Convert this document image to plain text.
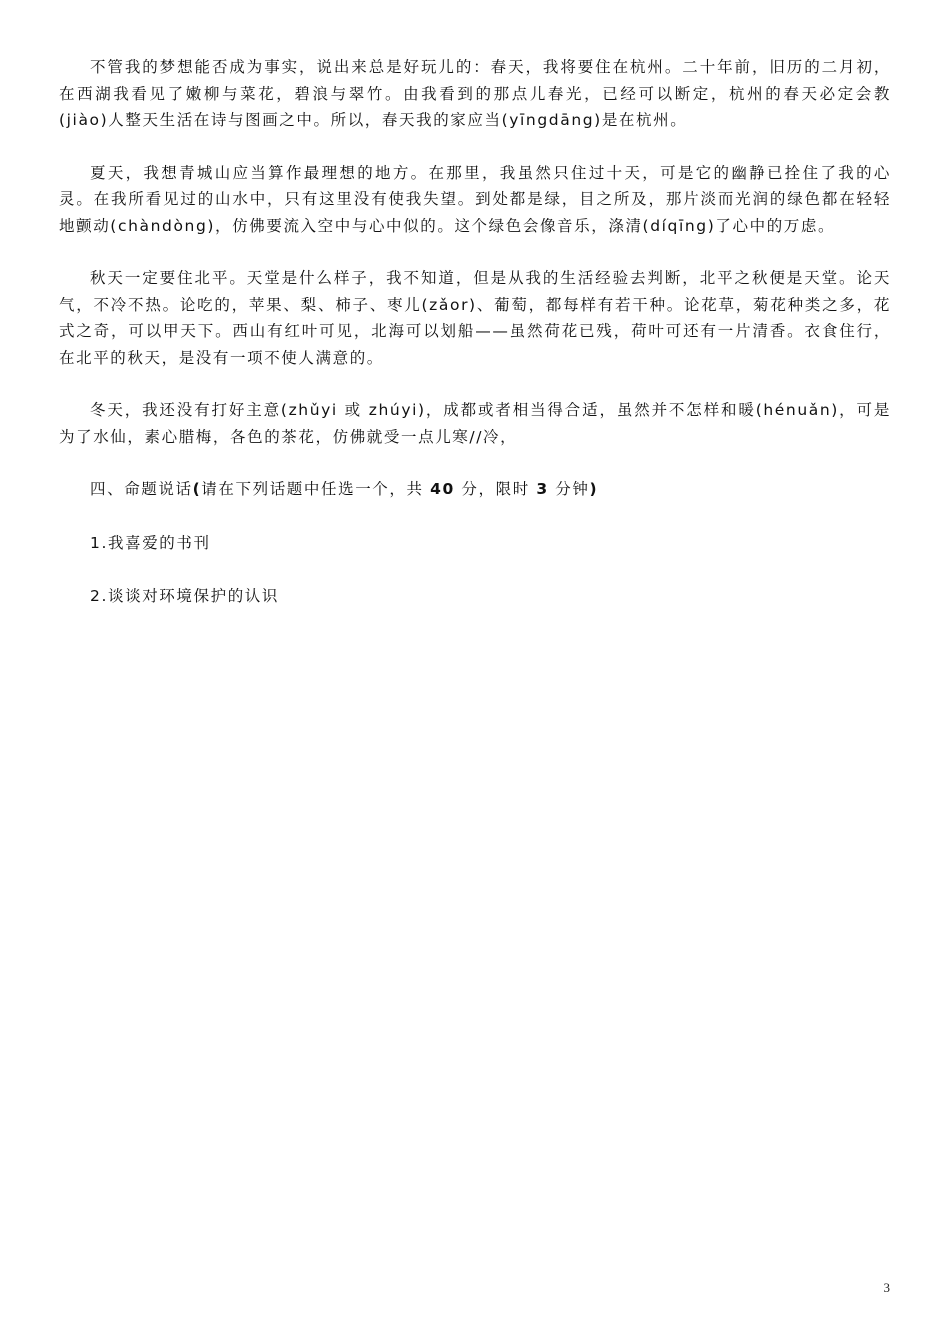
不管我的梦想能否成为事实，说出来总是好玩儿的：春天，我将要住在杭州。二十年前，旧历的二月初，在西湖我看见了嫩柳与菜花，碧浪与翠竹。由我看到的那点儿春光，已经可以断定，杭州的春天必定会教(jiào)人整天生活在诗与图画之中。所以，春天我的家应当(yīngdāng)是在杭州。

夏天，我想青城山应当算作最理想的地方。在那里，我虽然只住过十天，可是它的幽静已拴住了我的心灵。在我所看见过的山水中，只有这里没有使我失望。到处都是绿，目之所及，那片淡而光润的绿色都在轻轻地颤动(chàndòng)，仿佛要流入空中与心中似的。这个绿色会像音乐，涤清(díqīng)了心中的万虑。

秋天一定要住北平。天堂是什么样子，我不知道，但是从我的生活经验去判断，北平之秋便是天堂。论天气，不冷不热。论吃的，苹果、梨、柿子、枣儿(zǎor)、葡萄，都每样有若干种。论花草，菊花种类之多，花式之奇，可以甲天下。西山有红叶可见，北海可以划船——虽然荷花已残，荷叶可还有一片清香。衣食住行，在北平的秋天，是没有一项不使人满意的。

冬天，我还没有打好主意(zhǔyi 或 zhúyi)，成都或者相当得合适，虽然并不怎样和暖(hénuǎn)，可是为了水仙，素心腊梅，各色的茶花，仿佛就受一点儿寒//冷，

四、命题说话(请在下列话题中任选一个，共 40 分，限时 3 分钟)

1.我喜爱的书刊

2.谈谈对环境保护的认识

3
